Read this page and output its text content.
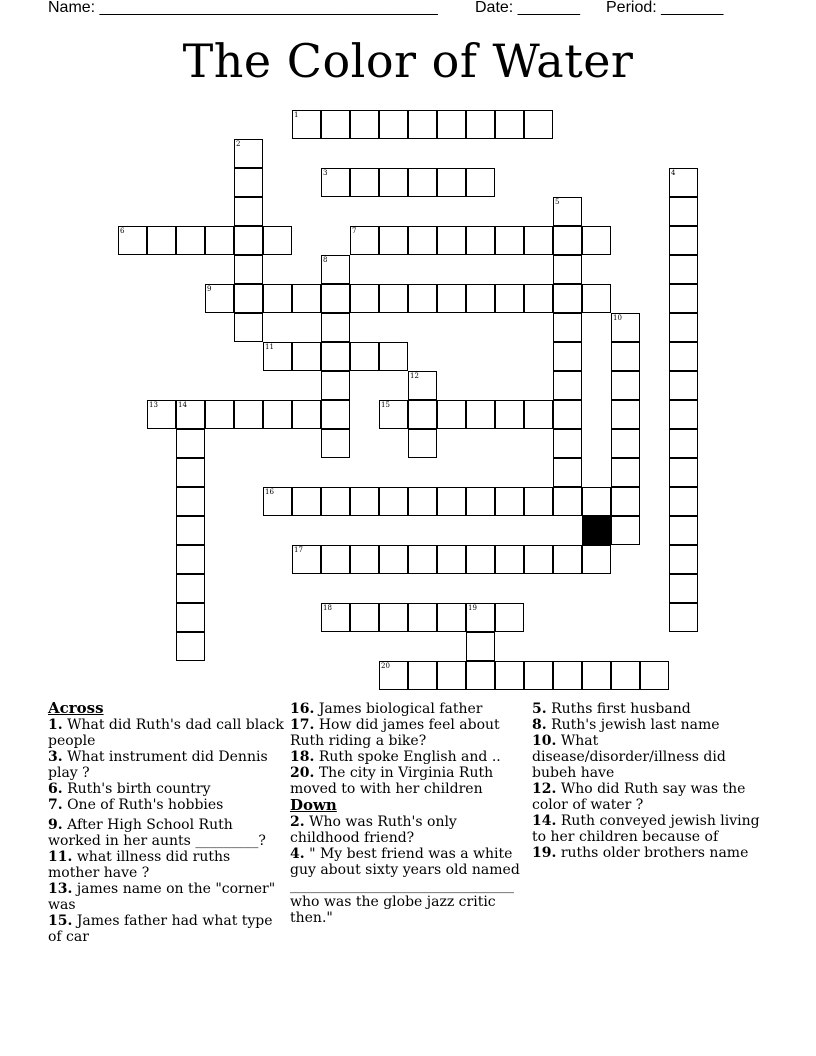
Name: ______________________________________ Date: _______ Period: _______
The Color of Water
1
2
3	4
5
6	7
8
9
10
11
12
13	14	15
16
17
18	19
20
Across
1. What did Ruth's dad call black people
3. What instrument did Dennis play ?
6. Ruth's birth country
7. One of Ruth's hobbies
9. After High School Ruth worked in her aunts _________?
11. what illness did ruths mother have ?
13. james name on the "corner" was
15. James father had what type of car
16. James biological father
17. How did james feel about Ruth riding a bike?
18. Ruth spoke English and ..
20. The city in Virginia Ruth moved to with her children
Down
2. Who was Ruth's only childhood friend?
4. " My best friend was a white guy about sixty years old named
________________________________
who was the globe jazz critic then."
5. Ruths first husband
8. Ruth's jewish last name
10. What disease/disorder/illness did bubeh have
12. Who did Ruth say was the color of water ?
14. Ruth conveyed jewish living to her children because of
19. ruths older brothers name
